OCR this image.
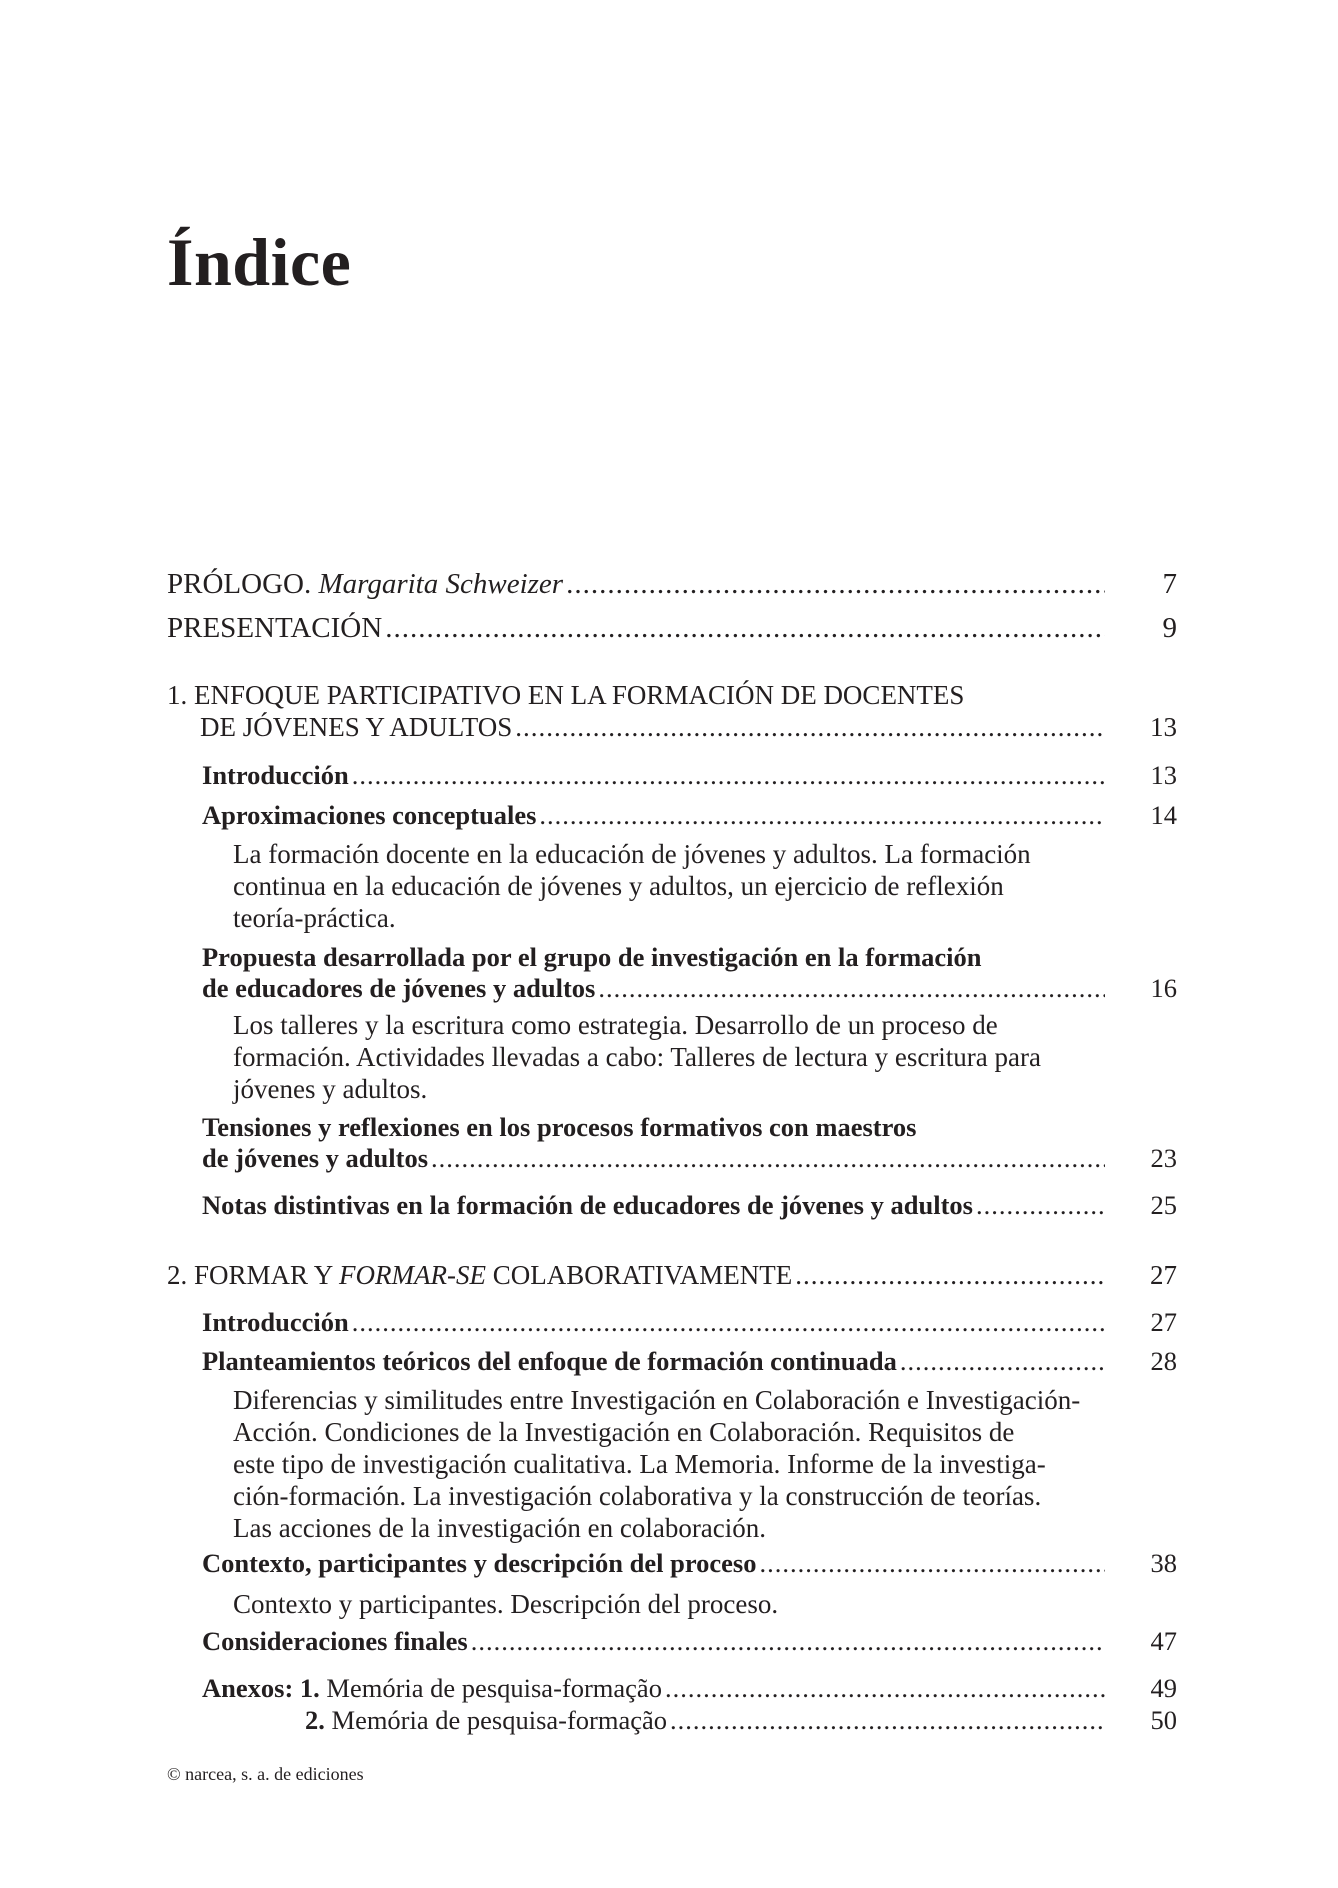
Índice
PRÓLOGO. Margarita Schweizer .....	7
PRESENTACIÓN .....	9
1. ENFOQUE PARTICIPATIVO EN LA FORMACIÓN DE DOCENTES
DE JÓVENES Y ADULTOS .....	13
Introducción .....	13
Aproximaciones conceptuales .....	14
La formación docente en la educación de jóvenes y adultos. La formación
continua en la educación de jóvenes y adultos, un ejercicio de reflexión
teoría-práctica.
Propuesta desarrollada por el grupo de investigación en la formación
de educadores de jóvenes y adultos .....	16
Los talleres y la escritura como estrategia. Desarrollo de un proceso de
formación. Actividades llevadas a cabo: Talleres de lectura y escritura para
jóvenes y adultos.
Tensiones y reflexiones en los procesos formativos con maestros
de jóvenes y adultos .....	23
Notas distintivas en la formación de educadores de jóvenes y adultos .....	25
2. FORMAR Y FORMAR-SE COLABORATIVAMENTE .....	27
Introducción .....	27
Planteamientos teóricos del enfoque de formación continuada .....	28
Diferencias y similitudes entre Investigación en Colaboración e Investigación-
Acción. Condiciones de la Investigación en Colaboración. Requisitos de
este tipo de investigación cualitativa. La Memoria. Informe de la investiga-
ción-formación. La investigación colaborativa y la construcción de teorías.
Las acciones de la investigación en colaboración.
Contexto, participantes y descripción del proceso .....	38
Contexto y participantes. Descripción del proceso.
Consideraciones finales .....	47
Anexos: 1. Memória de pesquisa-formação .....	49
2. Memória de pesquisa-formação .....	50
© narcea, s. a. de ediciones
